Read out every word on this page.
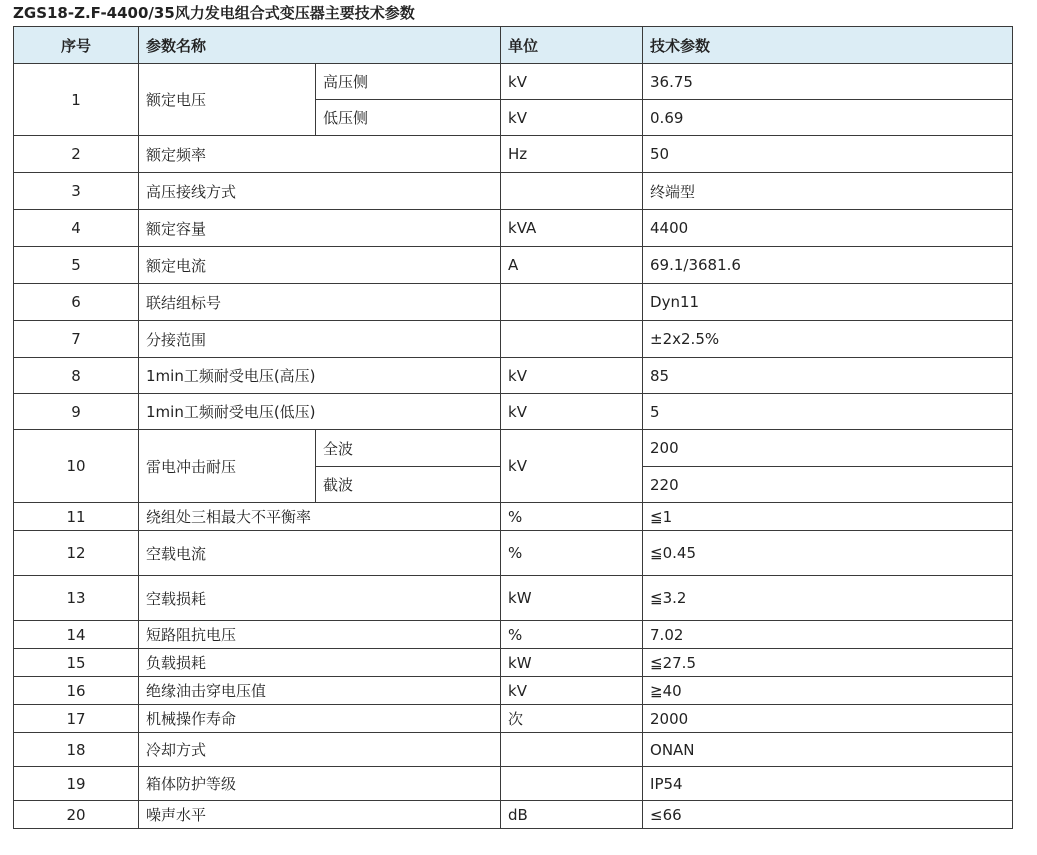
ZGS18-Z.F-4400/35风力发电组合式变压器主要技术参数
序号	参数名称		单位	技术参数
1	额定电压	高压侧	kV	36.75
		低压侧	kV	0.69
2	额定频率		Hz	50
3	高压接线方式			终端型
4	额定容量		kVA	4400
5	额定电流		A	69.1/3681.6
6	联结组标号			Dyn11
7	分接范围			±2x2.5%
8	1min工频耐受电压(高压)		kV	85
9	1min工频耐受电压(低压)		kV	5
10	雷电冲击耐压	全波	kV	200
		截波		220
11	绕组处三相最大不平衡率		%	≦1
12	空载电流		%	≦0.45
13	空载损耗		kW	≦3.2
14	短路阻抗电压		%	7.02
15	负载损耗		kW	≦27.5
16	绝缘油击穿电压值		kV	≧40
17	机械操作寿命		次	2000
18	冷却方式			ONAN
19	箱体防护等级			IP54
20	噪声水平		dB	≤66
